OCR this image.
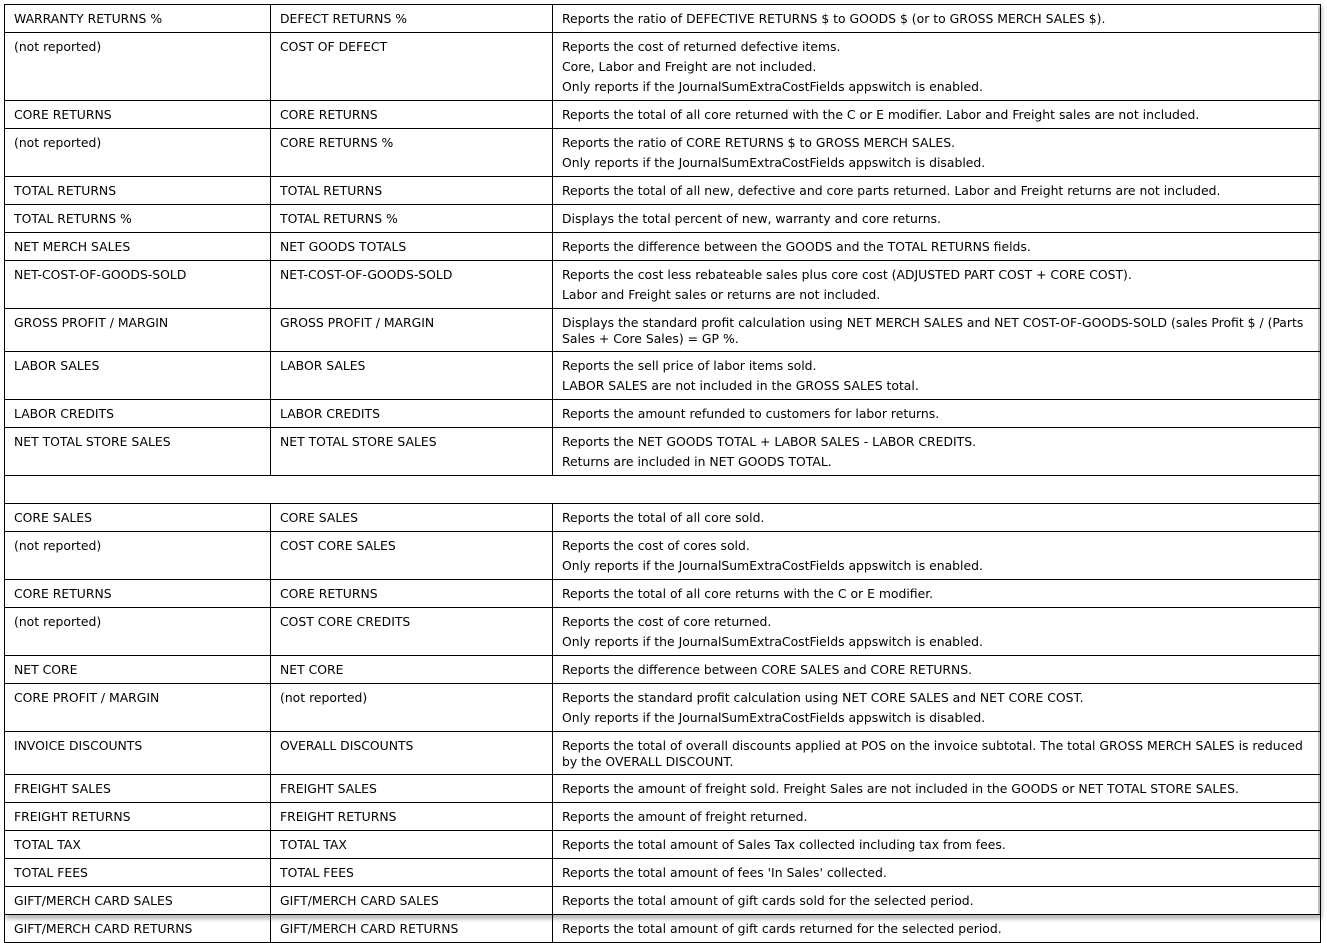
WARRANTY RETURNS %	DEFECT RETURNS %	Reports the ratio of DEFECTIVE RETURNS $ to GOODS $ (or to GROSS MERCH SALES $).

(not reported)	COST OF DEFECT	Reports the cost of returned defective items.
Core, Labor and Freight are not included.
Only reports if the JournalSumExtraCostFields appswitch is enabled.

CORE RETURNS	CORE RETURNS	Reports the total of all core returned with the C or E modifier. Labor and Freight sales are not included.

(not reported)	CORE RETURNS %	Reports the ratio of CORE RETURNS $ to GROSS MERCH SALES.
Only reports if the JournalSumExtraCostFields appswitch is disabled.

TOTAL RETURNS	TOTAL RETURNS	Reports the total of all new, defective and core parts returned. Labor and Freight returns are not included.

TOTAL RETURNS %	TOTAL RETURNS %	Displays the total percent of new, warranty and core returns.

NET MERCH SALES	NET GOODS TOTALS	Reports the difference between the GOODS and the TOTAL RETURNS fields.

NET-COST-OF-GOODS-SOLD	NET-COST-OF-GOODS-SOLD	Reports the cost less rebateable sales plus core cost (ADJUSTED PART COST + CORE COST).
Labor and Freight sales or returns are not included.

GROSS PROFIT / MARGIN	GROSS PROFIT / MARGIN	Displays the standard profit calculation using NET MERCH SALES and NET COST-OF-GOODS-SOLD (sales Profit $ / (Parts Sales + Core Sales) = GP %.

LABOR SALES	LABOR SALES	Reports the sell price of labor items sold.
LABOR SALES are not included in the GROSS SALES total.

LABOR CREDITS	LABOR CREDITS	Reports the amount refunded to customers for labor returns.

NET TOTAL STORE SALES	NET TOTAL STORE SALES	Reports the NET GOODS TOTAL + LABOR SALES - LABOR CREDITS.
Returns are included in NET GOODS TOTAL.

CORE SALES	CORE SALES	Reports the total of all core sold.

(not reported)	COST CORE SALES	Reports the cost of cores sold.
Only reports if the JournalSumExtraCostFields appswitch is enabled.

CORE RETURNS	CORE RETURNS	Reports the total of all core returns with the C or E modifier.

(not reported)	COST CORE CREDITS	Reports the cost of core returned.
Only reports if the JournalSumExtraCostFields appswitch is enabled.

NET CORE	NET CORE	Reports the difference between CORE SALES and CORE RETURNS.

CORE PROFIT / MARGIN	(not reported)	Reports the standard profit calculation using NET CORE SALES and NET CORE COST.
Only reports if the JournalSumExtraCostFields appswitch is disabled.

INVOICE DISCOUNTS	OVERALL DISCOUNTS	Reports the total of overall discounts applied at POS on the invoice subtotal. The total GROSS MERCH SALES is reduced by the OVERALL DISCOUNT.

FREIGHT SALES	FREIGHT SALES	Reports the amount of freight sold. Freight Sales are not included in the GOODS or NET TOTAL STORE SALES.

FREIGHT RETURNS	FREIGHT RETURNS	Reports the amount of freight returned.

TOTAL TAX	TOTAL TAX	Reports the total amount of Sales Tax collected including tax from fees.

TOTAL FEES	TOTAL FEES	Reports the total amount of fees 'In Sales' collected.

GIFT/MERCH CARD SALES	GIFT/MERCH CARD SALES	Reports the total amount of gift cards sold for the selected period.

GIFT/MERCH CARD RETURNS	GIFT/MERCH CARD RETURNS	Reports the total amount of gift cards returned for the selected period.
